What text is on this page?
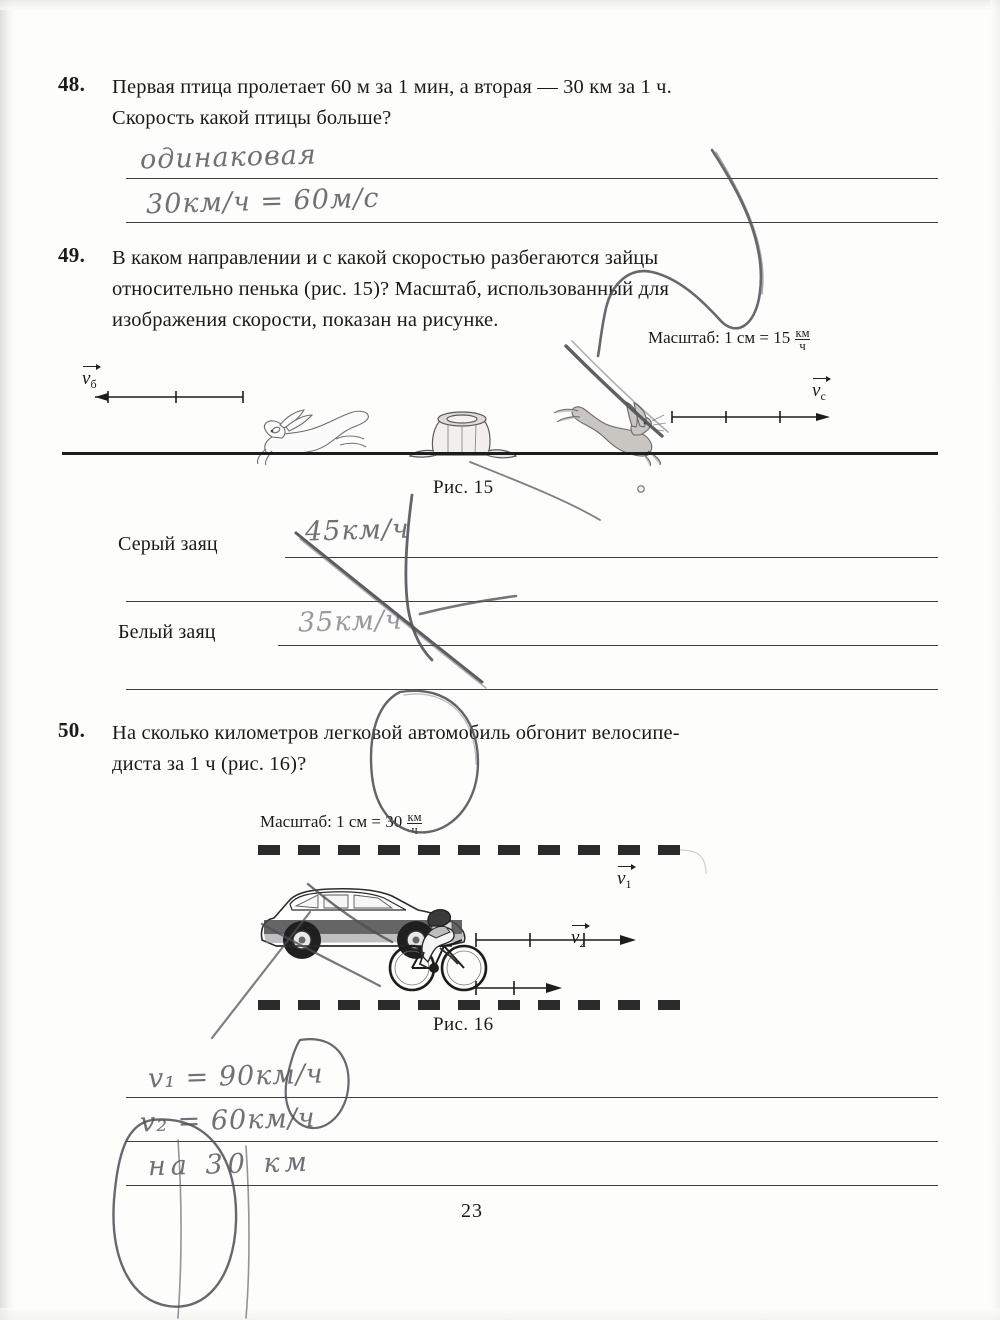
48. Первая птица пролетает 60 м за 1 мин, а вторая — 30 км за 1 ч.
Скорость какой птицы больше?
одинаковая
30км/ч = 60м/с
49. В каком направлении и с какой скоростью разбегаются зайцы
относительно пенька (рис. 15)? Масштаб, использованный для
изображения скорости, показан на рисунке.
Масштаб: 1 см = $15 \frac{км}{ч}$
$v_б$	$v_с$
Рис. 15
Серый заяц	45км/ч
Белый заяц	35км/ч
50. На сколько километров легковой автомобиль обгонит велосипе-
диста за 1 ч (рис. 16)?
Масштаб: 1 см = $30 \frac{км}{ч}$
$v_1$
$v_2$
Рис. 16
v₁ = 90км/ч
v₂ = 60км/ч
на 30 км
23
